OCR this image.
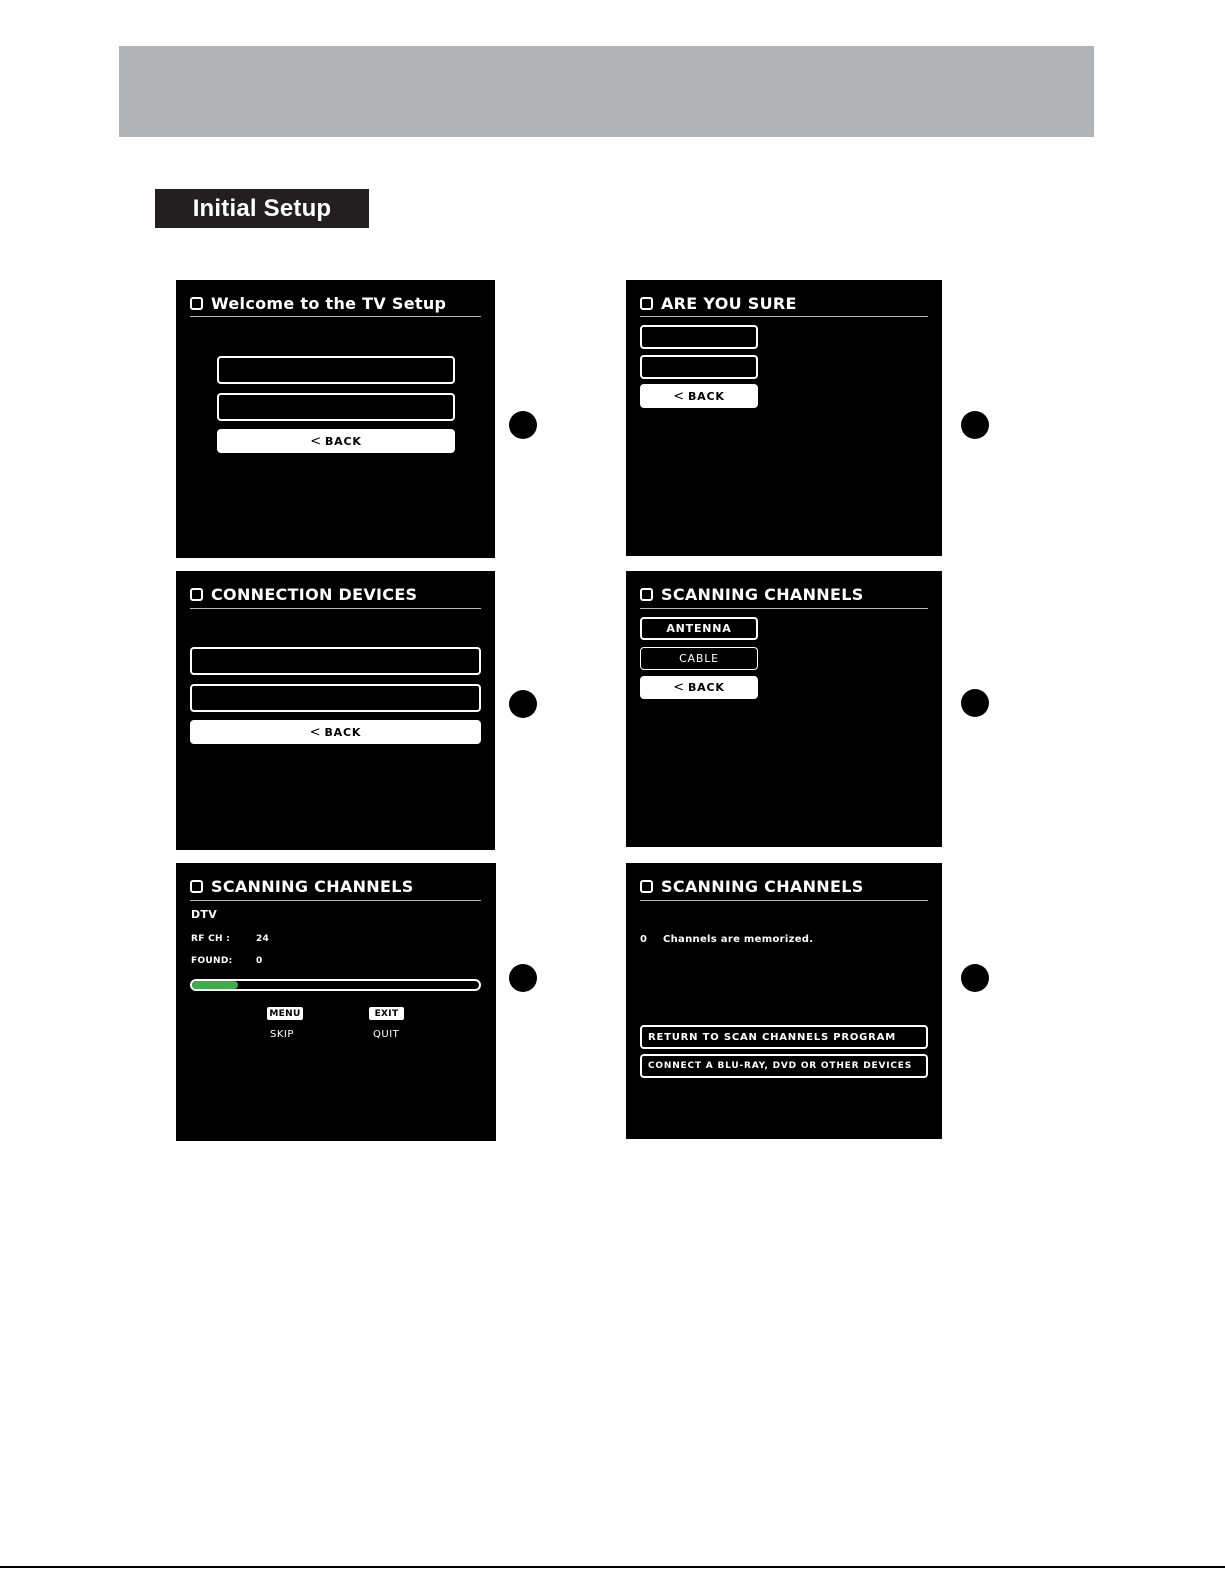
Initial Setup
Welcome to the TV Setup
< BACK
ARE YOU SURE
< BACK
CONNECTION DEVICES
< BACK
SCANNING CHANNELS
ANTENNA
CABLE
< BACK
SCANNING CHANNELS
DTV
RF CH :	24
FOUND:	0
MENU
SKIP
EXIT
QUIT
SCANNING CHANNELS
0 Channels are memorized.
RETURN TO SCAN CHANNELS PROGRAM
CONNECT A BLU-RAY, DVD OR OTHER DEVICES
